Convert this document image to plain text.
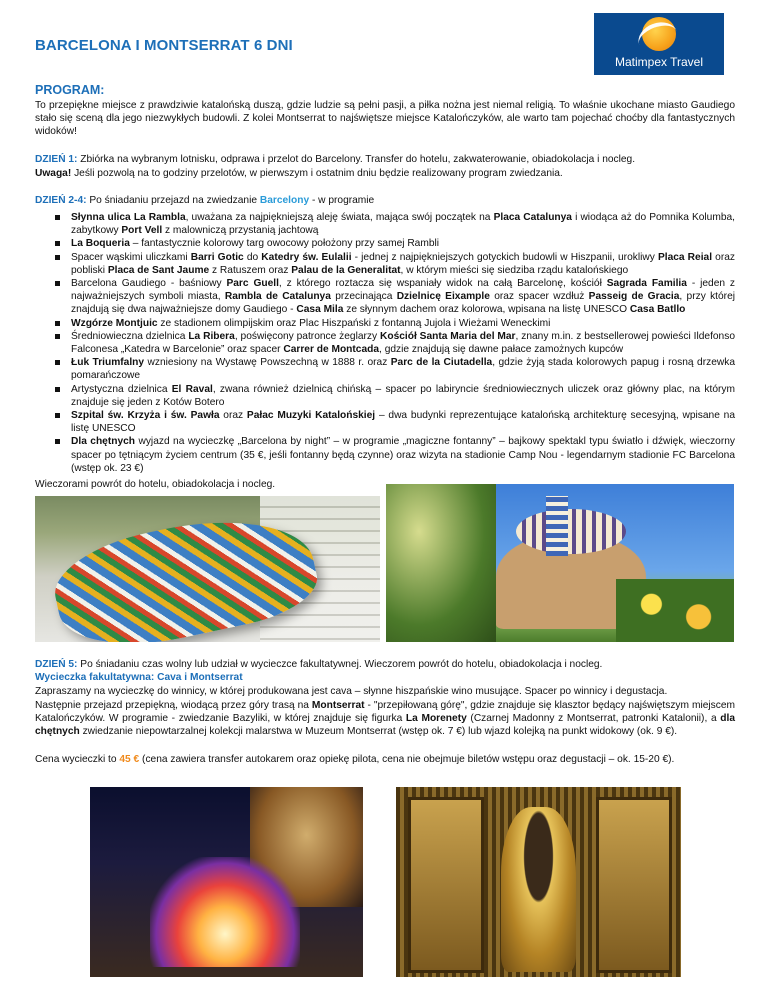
BARCELONA I MONTSERRAT 6 DNI
Matimpex Travel
PROGRAM:
To przepiękne miejsce z prawdziwie katalońską duszą, gdzie ludzie są pełni pasji, a piłka nożna jest niemal religią. To właśnie ukochane miasto Gaudiego stało się sceną dla jego niezwykłych budowli. Z kolei Montserrat to najświętsze miejsce Katalończyków, ale warto tam pojechać choćby dla fantastycznych widoków!
DZIEŃ 1: Zbiórka na wybranym lotnisku, odprawa i przelot do Barcelony. Transfer do hotelu, zakwaterowanie, obiadokolacja i nocleg.
Uwaga! Jeśli pozwolą na to godziny przelotów, w pierwszym i ostatnim dniu będzie realizowany program zwiedzania.
DZIEŃ 2-4: Po śniadaniu przejazd na zwiedzanie Barcelony - w programie
Słynna ulica La Rambla, uważana za najpiękniejszą aleję świata, mająca swój początek na Placa Catalunya i wiodąca aż do Pomnika Kolumba, zabytkowy Port Vell z malowniczą przystanią jachtową
La Boqueria – fantastycznie kolorowy targ owocowy położony przy samej Rambli
Spacer wąskimi uliczkami Barri Gotic do Katedry św. Eulalii - jednej z najpiękniejszych gotyckich budowli w Hiszpanii, urokliwy Placa Reial oraz pobliski Placa de Sant Jaume z Ratuszem oraz Palau de la Generalitat, w którym mieści się siedziba rządu katalońskiego
Barcelona Gaudiego - baśniowy Parc Guell, z którego roztacza się wspaniały widok na całą Barcelonę, kościół Sagrada Familia - jeden z najważniejszych symboli miasta, Rambla de Catalunya przecinająca Dzielnicę Eixample oraz spacer wzdłuż Passeig de Gracia, przy której znajdują się dwa najważniejsze domy Gaudiego - Casa Mila ze słynnym dachem oraz kolorowa, wpisana na listę UNESCO Casa Batllo
Wzgórze Montjuic ze stadionem olimpijskim oraz Plac Hiszpański z fontanną Jujola i Wieżami Weneckimi
Średniowieczna dzielnica La Ribera, poświęcony patronce żeglarzy Kościół Santa Maria del Mar, znany m.in. z bestsellerowej powieści Ildefonso Falconesa „Katedra w Barcelonie” oraz spacer Carrer de Montcada, gdzie znajdują się dawne pałace zamożnych kupców
Łuk Triumfalny wzniesiony na Wystawę Powszechną w 1888 r. oraz Parc de la Ciutadella, gdzie żyją stada kolorowych papug i rosną drzewka pomarańczowe
Artystyczna dzielnica El Raval, zwana również dzielnicą chińską – spacer po labiryncie średniowiecznych uliczek oraz główny plac, na którym znajduje się jeden z Kotów Botero
Szpital św. Krzyża i św. Pawła oraz Pałac Muzyki Katalońskiej – dwa budynki reprezentujące katalońską architekturę secesyjną, wpisane na listę UNESCO
Dla chętnych wyjazd na wycieczkę „Barcelona by night” – w programie „magiczne fontanny” – bajkowy spektakl typu światło i dźwięk, wieczorny spacer po tętniącym życiem centrum (35 €, jeśli fontanny będą czynne) oraz wizyta na stadionie Camp Nou - legendarnym stadionie FC Barcelona (wstęp ok. 23 €)
Wieczorami powrót do hotelu, obiadokolacja i nocleg.
DZIEŃ 5: Po śniadaniu czas wolny lub udział w wycieczce fakultatywnej. Wieczorem powrót do hotelu, obiadokolacja i nocleg.
Wycieczka fakultatywna: Cava i Montserrat
Zapraszamy na wycieczkę do winnicy, w której produkowana jest cava – słynne hiszpańskie wino musujące. Spacer po winnicy i degustacja.
Następnie przejazd przepiękną, wiodącą przez góry trasą na Montserrat - "przepiłowaną górę", gdzie znajduje się klasztor będący najświętszym miejscem Katalończyków. W programie - zwiedzanie Bazyliki, w której znajduje się figurka La Morenety (Czarnej Madonny z Montserrat, patronki Katalonii), a dla chętnych zwiedzanie niepowtarzalnej kolekcji malarstwa w Muzeum Montserrat (wstęp ok. 7 €) lub wjazd kolejką na punkt widokowy (ok. 9 €).
Cena wycieczki to 45 € (cena zawiera transfer autokarem oraz opiekę pilota, cena nie obejmuje biletów wstępu oraz degustacji – ok. 15-20 €).
